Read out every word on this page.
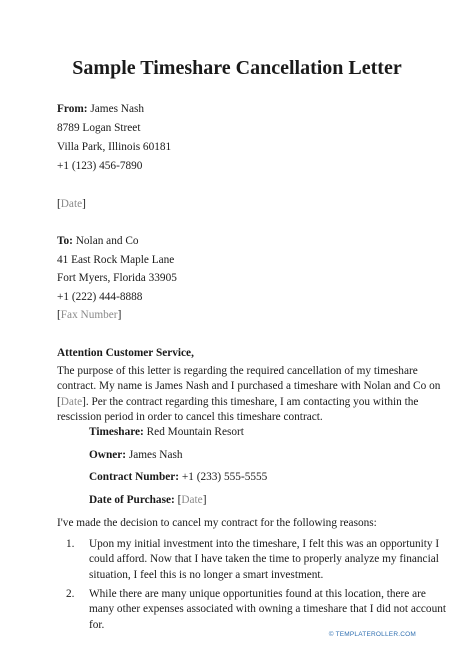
Sample Timeshare Cancellation Letter
From: James Nash
8789 Logan Street
Villa Park, Illinois 60181
+1 (123) 456-7890
[Date]
To: Nolan and Co
41 East Rock Maple Lane
Fort Myers, Florida 33905
+1 (222) 444-8888
[Fax Number]
Attention Customer Service,
The purpose of this letter is regarding the required cancellation of my timeshare
contract. My name is James Nash and I purchased a timeshare with Nolan and Co on
[Date]. Per the contract regarding this timeshare, I am contacting you within the
rescission period in order to cancel this timeshare contract.
Timeshare: Red Mountain Resort
Owner: James Nash
Contract Number: +1 (233) 555-5555
Date of Purchase: [Date]
I've made the decision to cancel my contract for the following reasons:
1. Upon my initial investment into the timeshare, I felt this was an opportunity I
could afford. Now that I have taken the time to properly analyze my financial
situation, I feel this is no longer a smart investment.
2. While there are many unique opportunities found at this location, there are
many other expenses associated with owning a timeshare that I did not account
for.
© TEMPLATEROLLER.COM
